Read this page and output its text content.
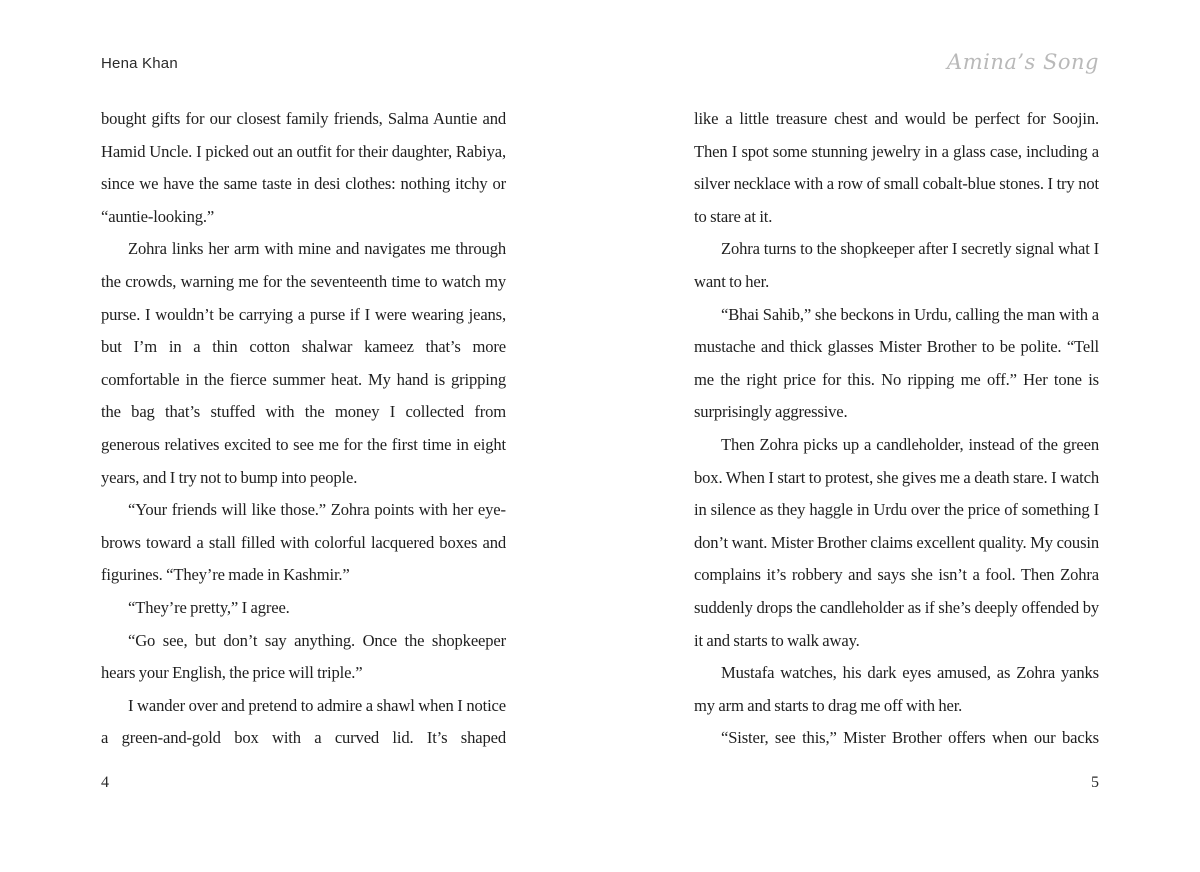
Hena Khan

bought gifts for our closest family friends, Salma Auntie and Hamid Uncle. I picked out an outfit for their daughter, Rabiya, since we have the same taste in desi clothes: nothing itchy or “auntie-looking.”

Zohra links her arm with mine and navigates me through the crowds, warning me for the seventeenth time to watch my purse. I wouldn’t be carrying a purse if I were wearing jeans, but I’m in a thin cotton shalwar kameez that’s more comfortable in the fierce summer heat. My hand is gripping the bag that’s stuffed with the money I collected from generous relatives excited to see me for the first time in eight years, and I try not to bump into people.

“Your friends will like those.” Zohra points with her eyebrows toward a stall filled with colorful lacquered boxes and figurines. “They’re made in Kashmir.”

“They’re pretty,” I agree.

“Go see, but don’t say anything. Once the shopkeeper hears your English, the price will triple.”

I wander over and pretend to admire a shawl when I notice a green-and-gold box with a curved lid. It’s shaped

4
Amina’s Song

like a little treasure chest and would be perfect for Soojin. Then I spot some stunning jewelry in a glass case, including a silver necklace with a row of small cobalt-blue stones. I try not to stare at it.

Zohra turns to the shopkeeper after I secretly signal what I want to her.

“Bhai Sahib,” she beckons in Urdu, calling the man with a mustache and thick glasses Mister Brother to be polite. “Tell me the right price for this. No ripping me off.” Her tone is surprisingly aggressive.

Then Zohra picks up a candleholder, instead of the green box. When I start to protest, she gives me a death stare. I watch in silence as they haggle in Urdu over the price of something I don’t want. Mister Brother claims excellent quality. My cousin complains it’s robbery and says she isn’t a fool. Then Zohra suddenly drops the candleholder as if she’s deeply offended by it and starts to walk away.

Mustafa watches, his dark eyes amused, as Zohra yanks my arm and starts to drag me off with her.

“Sister, see this,” Mister Brother offers when our backs

5
